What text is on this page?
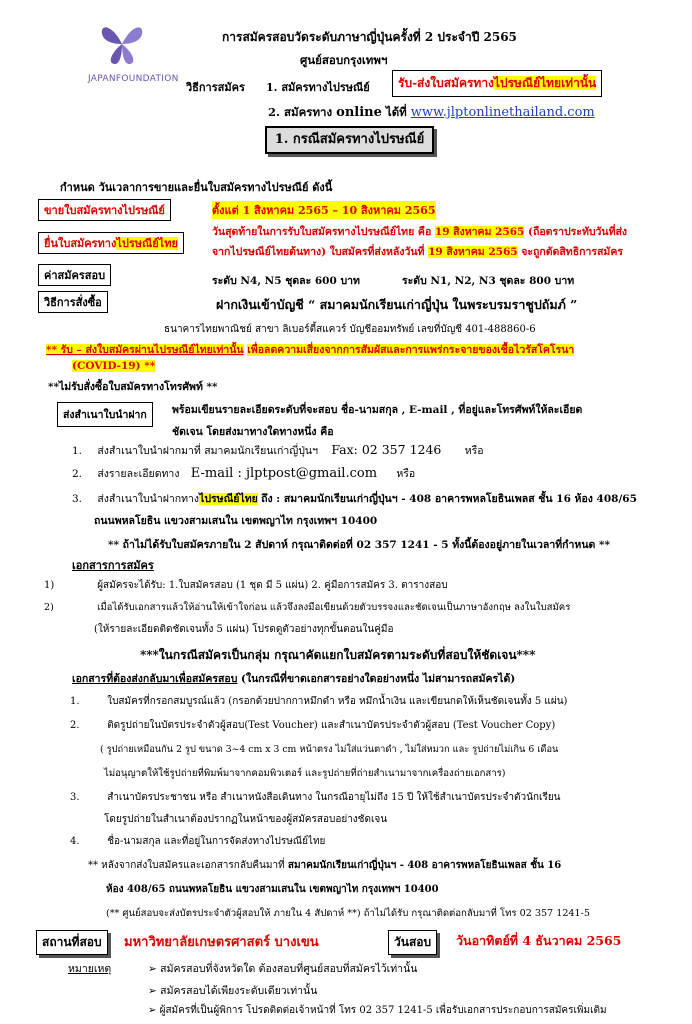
JAPANFOUNDATION
การสมัครสอบวัดระดับภาษาญี่ปุ่นครั้งที่ 2 ประจำปี 2565
ศูนย์สอบกรุงเทพฯ
วิธีการสมัคร 1. สมัครทางไปรษณีย์	รับ-ส่งใบสมัครทางไปรษณีย์ไทยเท่านั้น
2. สมัครทาง online ได้ที่ www.jlptonlinethailand.com
1. กรณีสมัครทางไปรษณีย์
กำหนด วันเวลาการขายและยื่นใบสมัครทางไปรษณีย์ ดังนี้
ขายใบสมัครทางไปรษณีย์	ตั้งแต่ 1 สิงหาคม 2565 – 10 สิงหาคม 2565
ยื่นใบสมัครทางไปรษณีย์ไทย
วันสุดท้ายในการรับใบสมัครทางไปรษณีย์ไทย คือ 19 สิงหาคม 2565 (ถือตราประทับวันที่ส่ง
จากไปรษณีย์ไทยต้นทาง) ใบสมัครที่ส่งหลังวันที่ 19 สิงหาคม 2565 จะถูกตัดสิทธิการสมัคร
ค่าสมัครสอบ	ระดับ N4, N5 ชุดละ 600 บาท	ระดับ N1, N2, N3 ชุดละ 800 บาท
วิธีการสั่งซื้อ	ฝากเงินเข้าบัญชี “ สมาคมนักเรียนเก่าญี่ปุ่น ในพระบรมราชูปถัมภ์ ”
ธนาคารไทยพาณิชย์ สาขา ลิเบอร์ตี้สแควร์ บัญชีออมทรัพย์ เลขที่บัญชี 401-488860-6
** รับ – ส่งใบสมัครผ่านไปรษณีย์ไทยเท่านั้น เพื่อลดความเสี่ยงจากการสัมผัสและการแพร่กระจายของเชื้อไวรัสโคโรนา
(COVID-19) **
**ไม่รับสั่งซื้อใบสมัครทางโทรศัพท์ **
ส่งสำเนาใบนำฝาก	พร้อมเขียนรายละเอียดระดับที่จะสอบ ชื่อ-นามสกุล , E-mail , ที่อยู่และโทรศัพท์ให้ละเอียด
ชัดเจน โดยส่งมาทางใดทางหนึ่ง คือ
1. ส่งสำเนาใบนำฝากมาที่ สมาคมนักเรียนเก่าญี่ปุ่นฯ Fax: 02 357 1246 หรือ
2. ส่งรายละเอียดทาง E-mail : jlptpost@gmail.com หรือ
3. ส่งสำเนาใบนำฝากทางไปรษณีย์ไทย ถึง : สมาคมนักเรียนเก่าญี่ปุ่นฯ - 408 อาคารพหลโยธินเพลส ชั้น 16 ห้อง 408/65
ถนนพหลโยธิน แขวงสามเสนใน เขตพญาไท กรุงเทพฯ 10400
** ถ้าไม่ได้รับใบสมัครภายใน 2 สัปดาห์ กรุณาติดต่อที่ 02 357 1241 - 5 ทั้งนี้ต้องอยู่ภายในเวลาที่กำหนด **
เอกสารการสมัคร
1)	ผู้สมัครจะได้รับ: 1.ใบสมัครสอบ (1 ชุด มี 5 แผ่น) 2. คู่มือการสมัคร 3. ตารางสอบ
2)	เมื่อได้รับเอกสารแล้วให้อ่านให้เข้าใจก่อน แล้วจึงลงมือเขียนด้วยตัวบรรจงและชัดเจนเป็นภาษาอังกฤษ ลงในใบสมัคร
(ให้รายละเอียดติดชัดเจนทั้ง 5 แผ่น) โปรดดูตัวอย่างทุกขั้นตอนในคู่มือ
***ในกรณีสมัครเป็นกลุ่ม กรุณาคัดแยกใบสมัครตามระดับที่สอบให้ชัดเจน***
เอกสารที่ต้องส่งกลับมาเพื่อสมัครสอบ (ในกรณีที่ขาดเอกสารอย่างใดอย่างหนึ่ง ไม่สามารถสมัครได้)
1.	ใบสมัครที่กรอกสมบูรณ์แล้ว (กรอกด้วยปากกาหมึกดำ หรือ หมึกน้ำเงิน และเขียนกดให้เห็นชัดเจนทั้ง 5 แผ่น)
2.	ติดรูปถ่ายในบัตรประจำตัวผู้สอบ(Test Voucher) และสำเนาบัตรประจำตัวผู้สอบ (Test Voucher Copy)
( รูปถ่ายเหมือนกัน 2 รูป ขนาด 3~4 cm x 3 cm หน้าตรง ไม่ใส่แว่นตาดำ , ไม่ใส่หมวก และ รูปถ่ายไม่เกิน 6 เดือน
ไม่อนุญาตให้ใช้รูปถ่ายที่พิมพ์มาจากคอมพิวเตอร์ และรูปถ่ายที่ถ่ายสำเนามาจากเครื่องถ่ายเอกสาร)
3.	สำเนาบัตรประชาชน หรือ สำเนาหนังสือเดินทาง ในกรณีอายุไม่ถึง 15 ปี ให้ใช้สำเนาบัตรประจำตัวนักเรียน
โดยรูปถ่ายในสำเนาต้องปรากฏในหน้าของผู้สมัครสอบอย่างชัดเจน
4.	ชื่อ-นามสกุล และที่อยู่ในการจัดส่งทางไปรษณีย์ไทย
** หลังจากส่งใบสมัครและเอกสารกลับคืนมาที่ สมาคมนักเรียนเก่าญี่ปุ่นฯ - 408 อาคารพหลโยธินเพลส ชั้น 16
ห้อง 408/65 ถนนพหลโยธิน แขวงสามเสนใน เขตพญาไท กรุงเทพฯ 10400
(** ศูนย์สอบจะส่งบัตรประจำตัวผู้สอบให้ ภายใน 4 สัปดาห์ **) ถ้าไม่ได้รับ กรุณาติดต่อกลับมาที่ โทร 02 357 1241-5
สถานที่สอบ	มหาวิทยาลัยเกษตรศาสตร์ บางเขน	วันสอบ	วันอาทิตย์ที่ 4 ธันวาคม 2565
หมายเหตุ	➢ สมัครสอบที่จังหวัดใด ต้องสอบที่ศูนย์สอบที่สมัครไว้เท่านั้น
➢ สมัครสอบได้เพียงระดับเดียวเท่านั้น
➢ ผู้สมัครที่เป็นผู้พิการ โปรดติดต่อเจ้าหน้าที่ โทร 02 357 1241-5 เพื่อรับเอกสารประกอบการสมัครเพิ่มเติม
